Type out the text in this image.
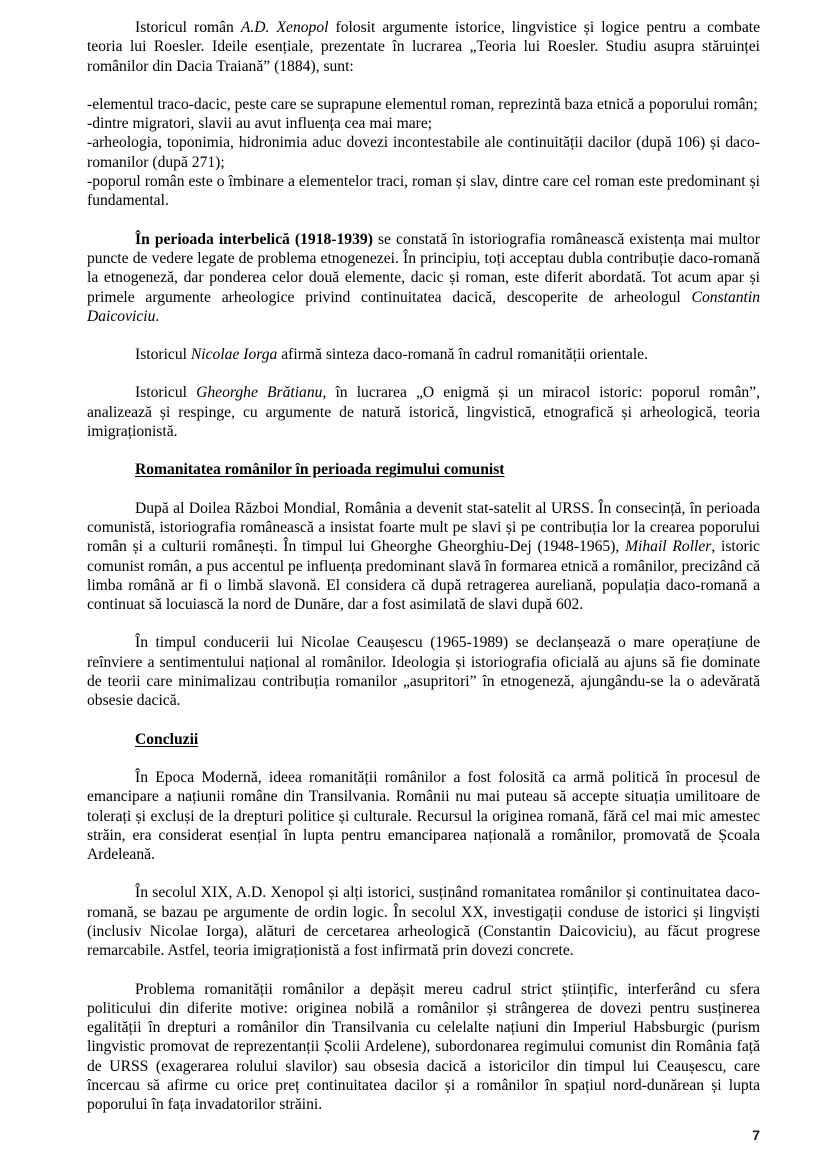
Istoricul român A.D. Xenopol folosit argumente istorice, lingvistice și logice pentru a combate teoria lui Roesler. Ideile esențiale, prezentate în lucrarea „Teoria lui Roesler. Studiu asupra stăruinței românilor din Dacia Traiană” (1884), sunt:

-elementul traco-dacic, peste care se suprapune elementul roman, reprezintă baza etnică a poporului român;

-dintre migratori, slavii au avut influența cea mai mare;

-arheologia, toponimia, hidronimia aduc dovezi incontestabile ale continuității dacilor (după 106) și daco-romanilor (după 271);

-poporul român este o îmbinare a elementelor traci, roman și slav, dintre care cel roman este predominant și fundamental.

În perioada interbelică (1918-1939) se constată în istoriografia românească existența mai multor puncte de vedere legate de problema etnogenezei. În principiu, toți acceptau dubla contribuție daco-romană la etnogeneză, dar ponderea celor două elemente, dacic și roman, este diferit abordată. Tot acum apar și primele argumente arheologice privind continuitatea dacică, descoperite de arheologul Constantin Daicoviciu.

Istoricul Nicolae Iorga afirmă sinteza daco-romană în cadrul romanității orientale.

Istoricul Gheorghe Brătianu, în lucrarea „O enigmă și un miracol istoric: poporul român”, analizează și respinge, cu argumente de natură istorică, lingvistică, etnografică și arheologică, teoria imigraționistă.

Romanitatea românilor în perioada regimului comunist

După al Doilea Război Mondial, România a devenit stat-satelit al URSS. În consecință, în perioada comunistă, istoriografia românească a insistat foarte mult pe slavi și pe contribuția lor la crearea poporului român și a culturii românești. În timpul lui Gheorghe Gheorghiu-Dej (1948-1965), Mihail Roller, istoric comunist român, a pus accentul pe influența predominant slavă în formarea etnică a românilor, precizând că limba română ar fi o limbă slavonă. El considera că după retragerea aureliană, populația daco-romană a continuat să locuiască la nord de Dunăre, dar a fost asimilată de slavi după 602.

În timpul conducerii lui Nicolae Ceaușescu (1965-1989) se declanșează o mare operațiune de reînviere a sentimentului național al românilor. Ideologia și istoriografia oficială au ajuns să fie dominate de teorii care minimalizau contribuția romanilor „asupritori” în etnogeneză, ajungându-se la o adevărată obsesie dacică.

Concluzii

În Epoca Modernă, ideea romanității românilor a fost folosită ca armă politică în procesul de emancipare a națiunii române din Transilvania. Românii nu mai puteau să accepte situația umilitoare de tolerați și excluși de la drepturi politice și culturale. Recursul la originea romană, fără cel mai mic amestec străin, era considerat esențial în lupta pentru emanciparea națională a românilor, promovată de Școala Ardeleană.

În secolul XIX, A.D. Xenopol și alți istorici, susținând romanitatea românilor și continuitatea daco-romană, se bazau pe argumente de ordin logic. În secolul XX, investigații conduse de istorici și lingviști (inclusiv Nicolae Iorga), alături de cercetarea arheologică (Constantin Daicoviciu), au făcut progrese remarcabile. Astfel, teoria imigraționistă a fost infirmată prin dovezi concrete.

Problema romanității românilor a depășit mereu cadrul strict științific, interferând cu sfera politicului din diferite motive: originea nobilă a românilor și strângerea de dovezi pentru susținerea egalității în drepturi a românilor din Transilvania cu celelalte națiuni din Imperiul Habsburgic (purism lingvistic promovat de reprezentanții Școlii Ardelene), subordonarea regimului comunist din România față de URSS (exagerarea rolului slavilor) sau obsesia dacică a istoricilor din timpul lui Ceaușescu, care încercau să afirme cu orice preț continuitatea dacilor și a românilor în spațiul nord-dunărean și lupta poporului în fața invadatorilor străini.

7
